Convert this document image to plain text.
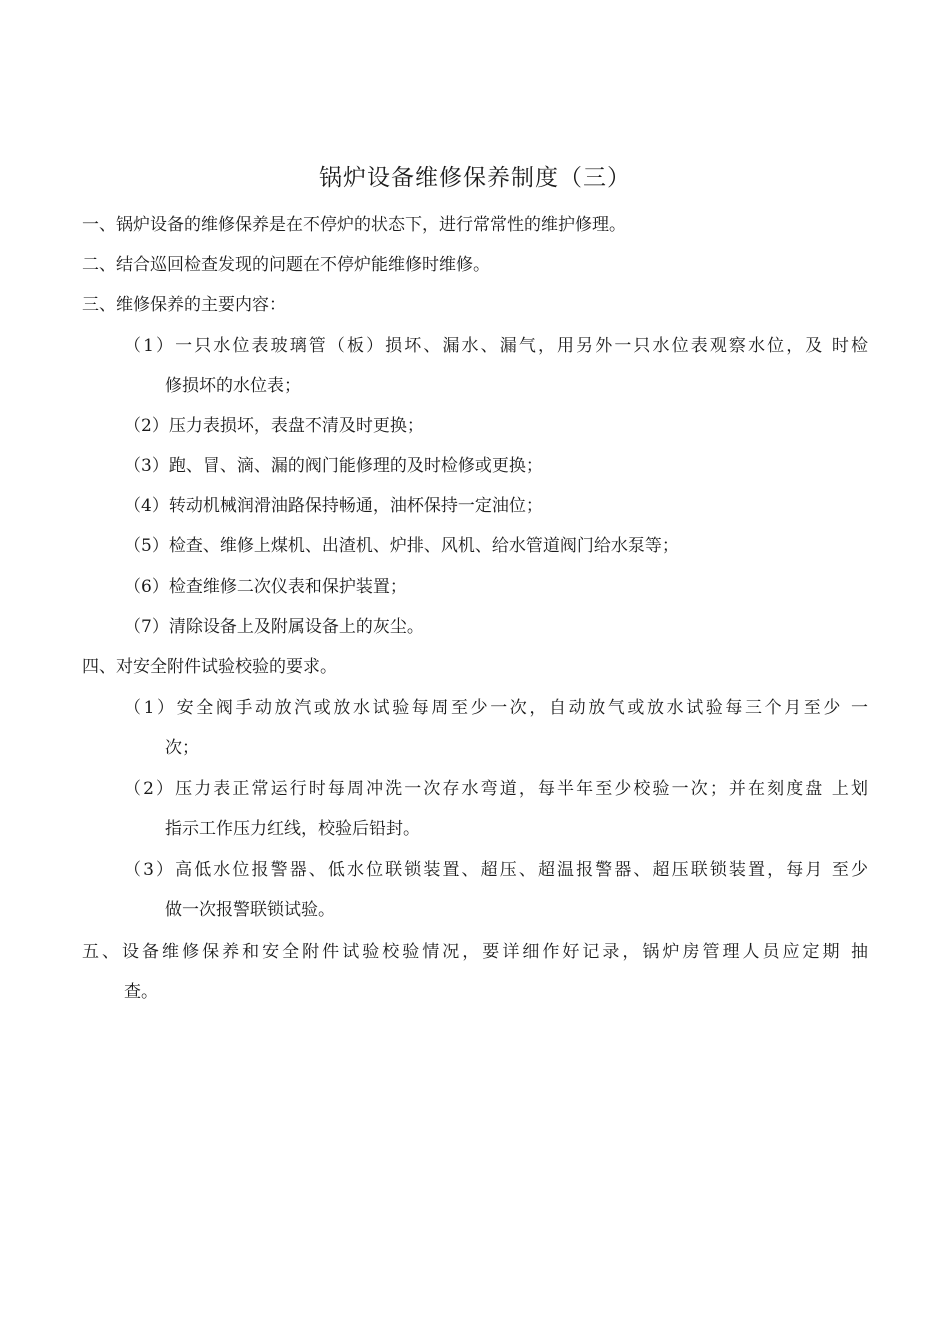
锅炉设备维修保养制度（三）
一、锅炉设备的维修保养是在不停炉的状态下，进行常常性的维护修理。
二、结合巡回检查发现的问题在不停炉能维修时维修。
三、维修保养的主要内容：
（1）一只水位表玻璃管（板）损坏、漏水、漏气，用另外一只水位表观察水位，及 时检
修损坏的水位表；
（2）压力表损坏，表盘不清及时更换；
（3）跑、冒、滴、漏的阀门能修理的及时检修或更换；
（4）转动机械润滑油路保持畅通，油杯保持一定油位；
（5）检查、维修上煤机、出渣机、炉排、风机、给水管道阀门给水泵等；
（6）检查维修二次仪表和保护装置；
（7）清除设备上及附属设备上的灰尘。
四、对安全附件试验校验的要求。
（1）安全阀手动放汽或放水试验每周至少一次，自动放气或放水试验每三个月至少 一
次；
（2）压力表正常运行时每周冲洗一次存水弯道，每半年至少校验一次；并在刻度盘 上划
指示工作压力红线，校验后铅封。
（3）高低水位报警器、低水位联锁装置、超压、超温报警器、超压联锁装置，每月 至少
做一次报警联锁试验。
五、设备维修保养和安全附件试验校验情况，要详细作好记录，锅炉房管理人员应定期 抽
查。
